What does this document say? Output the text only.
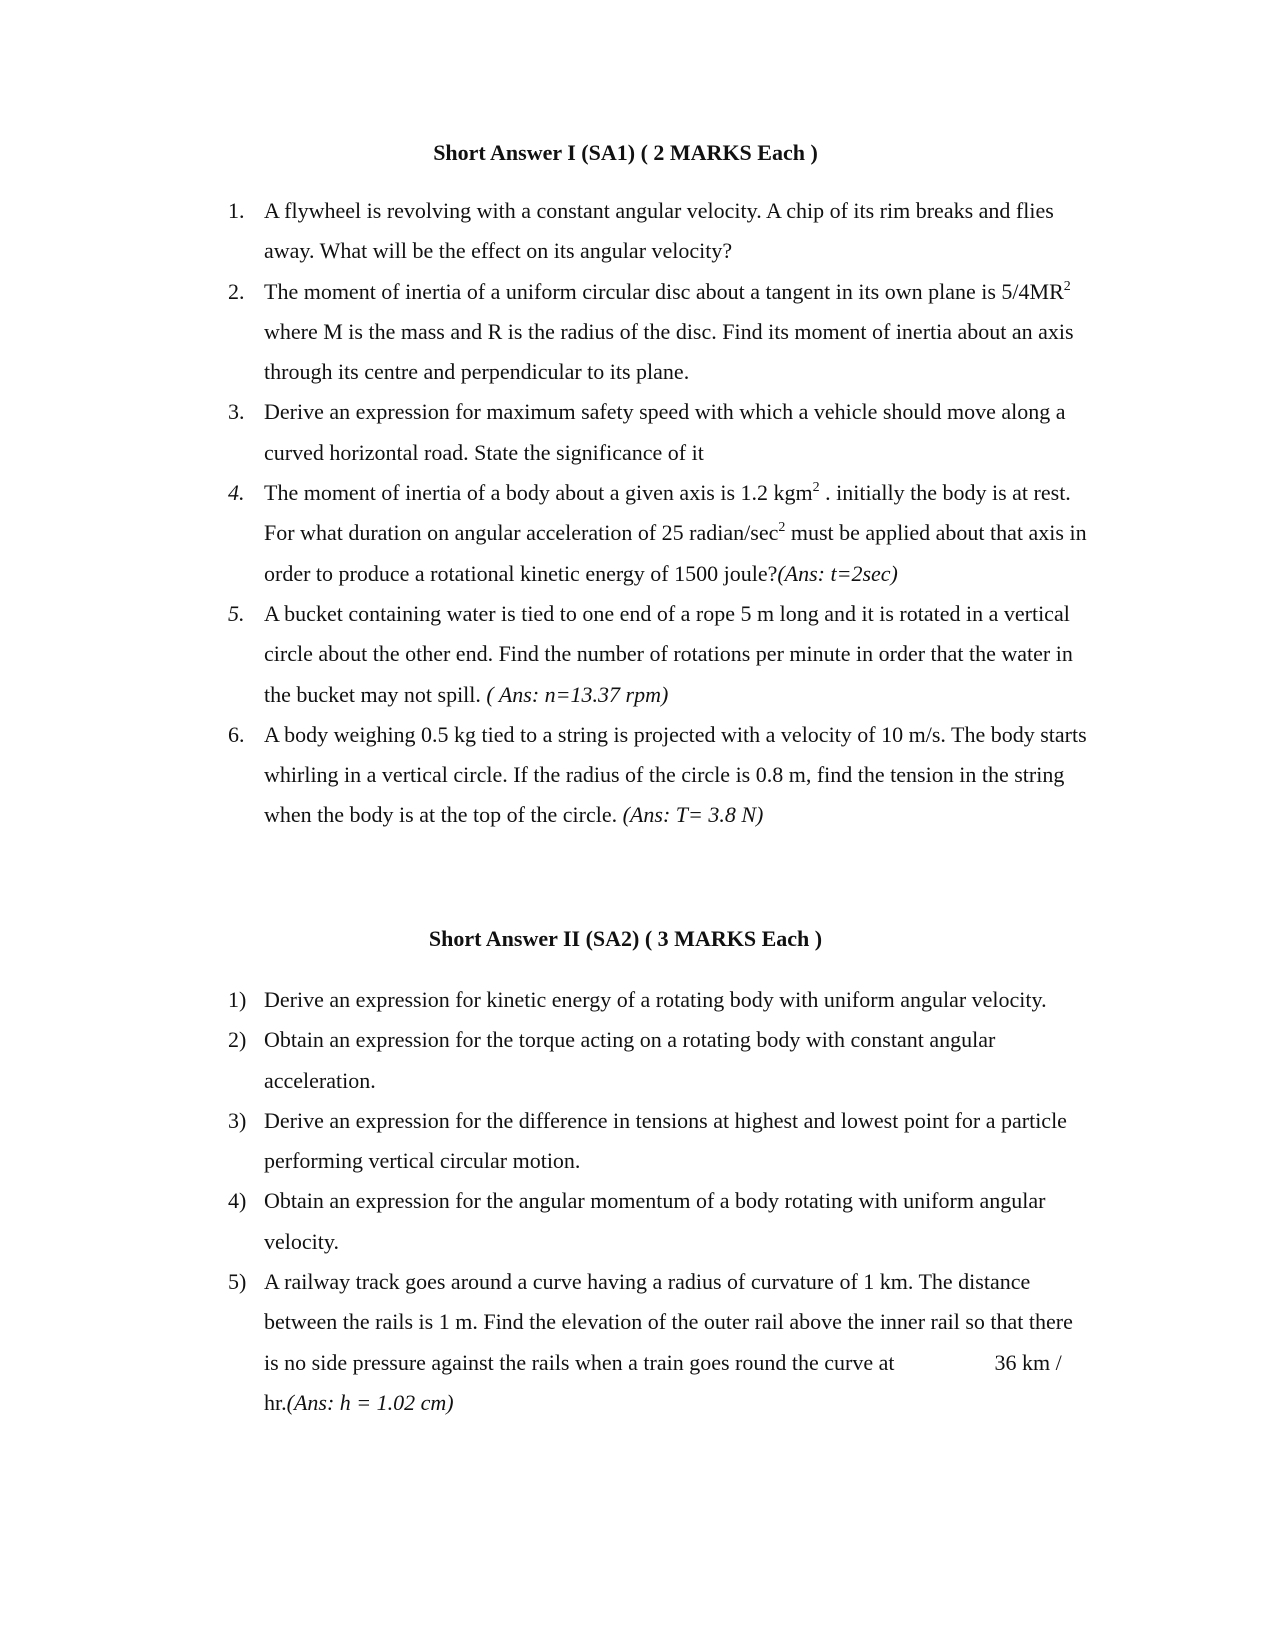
Short Answer I (SA1) ( 2 MARKS Each )
1. A flywheel is revolving with a constant angular velocity. A chip of its rim breaks and flies away. What will be the effect on its angular velocity?
2. The moment of inertia of a uniform circular disc about a tangent in its own plane is $5/4MR^2$ where M is the mass and R is the radius of the disc. Find its moment of inertia about an axis through its centre and perpendicular to its plane.
3. Derive an expression for maximum safety speed with which a vehicle should move along a curved horizontal road. State the significance of it
4. The moment of inertia of a body about a given axis is 1.2 kgm$^2$ . initially the body is at rest. For what duration on angular acceleration of 25 radian/$\sec^2$ must be applied about that axis in order to produce a rotational kinetic energy of 1500 joule?(Ans: t=2sec)
5. A bucket containing water is tied to one end of a rope 5 m long and it is rotated in a vertical circle about the other end. Find the number of rotations per minute in order that the water in the bucket may not spill. ( Ans: n=13.37 rpm)
6. A body weighing 0.5 kg tied to a string is projected with a velocity of 10 m/s. The body starts whirling in a vertical circle. If the radius of the circle is 0.8 m, find the tension in the string when the body is at the top of the circle. (Ans: T= 3.8 N)
Short Answer II (SA2) ( 3 MARKS Each )
1) Derive an expression for kinetic energy of a rotating body with uniform angular velocity.
2) Obtain an expression for the torque acting on a rotating body with constant angular acceleration.
3) Derive an expression for the difference in tensions at highest and lowest point for a particle performing vertical circular motion.
4) Obtain an expression for the angular momentum of a body rotating with uniform angular velocity.
5) A railway track goes around a curve having a radius of curvature of 1 km. The distance between the rails is 1 m. Find the elevation of the outer rail above the inner rail so that there is no side pressure against the rails when a train goes round the curve at	36 km / hr.(Ans: h = 1.02 cm)
